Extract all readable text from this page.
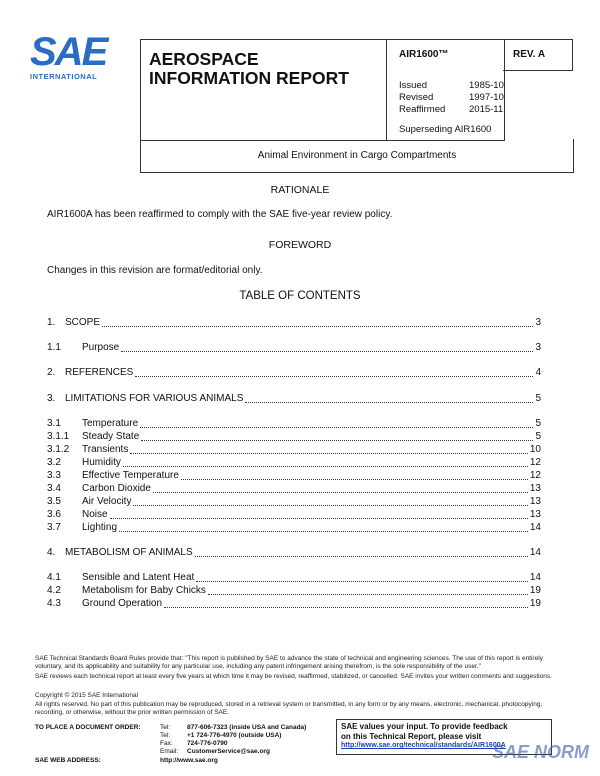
SAE
INTERNATIONAL
AEROSPACE
INFORMATION REPORT
AIR1600™
Issued	1985-10
Revised	1997-10
Reaffirmed 2015-11
Superseding AIR1600
REV. A
Animal Environment in Cargo Compartments
RATIONALE
AIR1600A has been reaffirmed to comply with the SAE five-year review policy.
FOREWORD
Changes in this revision are format/editorial only.
TABLE OF CONTENTS
1. SCOPE	3
1.1	Purpose	3
2. REFERENCES	4
3. LIMITATIONS FOR VARIOUS ANIMALS	5
3.1	Temperature	5
3.1.1	Steady State	5
3.1.2	Transients	10
3.2	Humidity	12
3.3	Effective Temperature	12
3.4	Carbon Dioxide	13
3.5	Air Velocity	13
3.6	Noise	13
3.7	Lighting	14
4. METABOLISM OF ANIMALS	14
4.1	Sensible and Latent Heat	14
4.2	Metabolism for Baby Chicks	19
4.3	Ground Operation	19
SAE Technical Standards Board Rules provide that: "This report is published by SAE to advance the state of technical and engineering sciences. The use of this report is entirely voluntary, and its applicability and suitability for any particular use, including any patent infringement arising therefrom, is the sole responsibility of the user."
SAE reviews each technical report at least every five years at which time it may be revised, reaffirmed, stabilized, or cancelled. SAE invites your written comments and suggestions.
Copyright © 2015 SAE International
All rights reserved. No part of this publication may be reproduced, stored in a retrieval system or transmitted, in any form or by any means, electronic, mechanical, photocopying, recording, or otherwise, without the prior written permission of SAE.
TO PLACE A DOCUMENT ORDER:	Tel:	877-606-7323 (inside USA and Canada)
Tel:	+1 724-776-4970 (outside USA)
Fax: 724-776-0790
Email: CustomerService@sae.org
SAE WEB ADDRESS:	http://www.sae.org
SAE values your input. To provide feedback
on this Technical Report, please visit
http://www.sae.org/technical/standards/AIR1600A
SAE NORM
